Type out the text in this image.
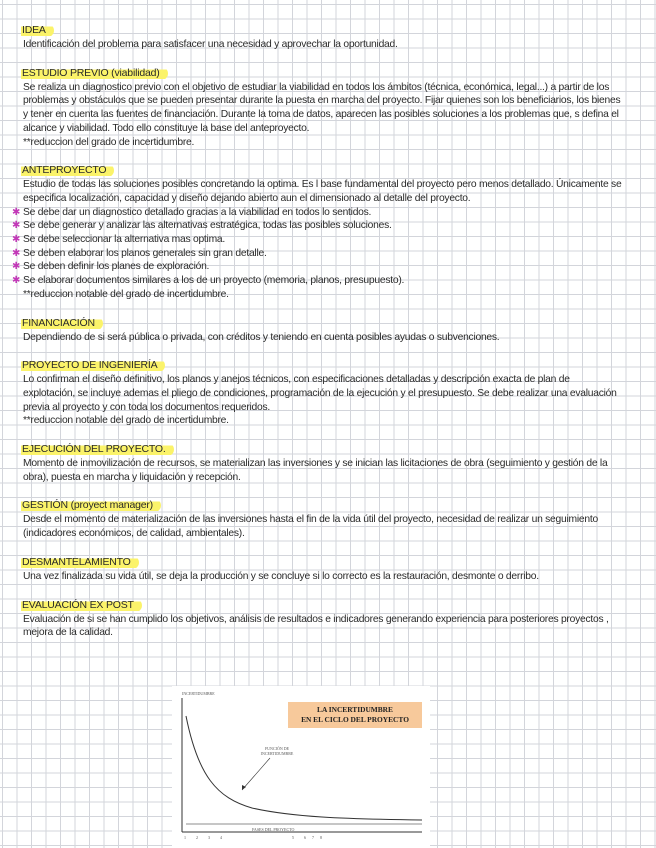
IDEA

Identificación del problema para satisfacer una necesidad y aprovechar la oportunidad.

ESTUDIO PREVIO (viabilidad)

Se realiza un diagnostico previo con el objetivo de estudiar la viabilidad en todos los ámbitos (técnica, económica, legal...) a partir de los problemas y obstáculos que se pueden presentar durante la puesta en marcha del proyecto. Fijar quienes son los beneficiarios, los bienes y tener en cuenta las fuentes de financiación. Durante la toma de datos, aparecen las posibles soluciones a los problemas que, s defina el alcance y viabilidad. Todo ello constituye la base del anteproyecto.

**reduccion del grado de incertidumbre.

ANTEPROYECTO

Estudio de todas las soluciones posibles concretando la optima. Es l base fundamental del proyecto pero menos detallado. Únicamente se especifica localización, capacidad y diseño dejando abierto aun el dimensionado al detalle del proyecto.

✱ Se debe dar un diagnostico detallado gracias a la viabilidad en todos lo sentidos.
✱ Se debe generar y analizar las alternativas estratégica, todas las posibles soluciones.
✱ Se debe seleccionar la alternativa mas optima.
✱ Se deben elaborar los planos generales sin gran detalle.
✱ Se deben definir los planes de exploración.
✱ Se elaborar documentos similares a los de un proyecto (memoria, planos, presupuesto).

**reduccion notable del grado de incertidumbre.

FINANCIACIÓN

Dependiendo de si será pública o privada, con créditos y teniendo en cuenta posibles ayudas o subvenciones.

PROYECTO DE INGENIERÍA

Lo confirman el diseño definitivo, los planos y anejos técnicos, con especificaciones detalladas y descripción exacta de plan de explotación, se incluye ademas el pliego de condiciones, programación de la ejecución y el presupuesto. Se debe realizar una evaluación previa al proyecto y con toda los documentos requeridos.

**reduccion notable del grado de incertidumbre.

EJECUCIÓN DEL PROYECTO.

Momento de inmovilización de recursos, se materializan las inversiones y se inician las licitaciones de obra (seguimiento y gestión de la obra), puesta en marcha y liquidación y recepción.

GESTIÓN (proyect manager)

Desde el momento de materialización de las inversiones hasta el fin de la vida útil del proyecto, necesidad de realizar un seguimiento (indicadores económicos, de calidad, ambientales).

DESMANTELAMIENTO

Una vez finalizada su vida útil, se deja la producción y se concluye si lo correcto es la restauración, desmonte o derribo.

EVALUACIÓN EX POST

Evaluación de si se han cumplido los objetivos, análisis de resultados e indicadores generando experiencia para posteriores proyectos , mejora de la calidad.

LA INCERTIDUMBRE
EN EL CICLO DEL PROYECTO
INCERTIDUMBRE
FUNCIÓN DE
INCERTIDUMBRE
FASES DEL PROYECTO
1	2	3	4	5	6 7 8
